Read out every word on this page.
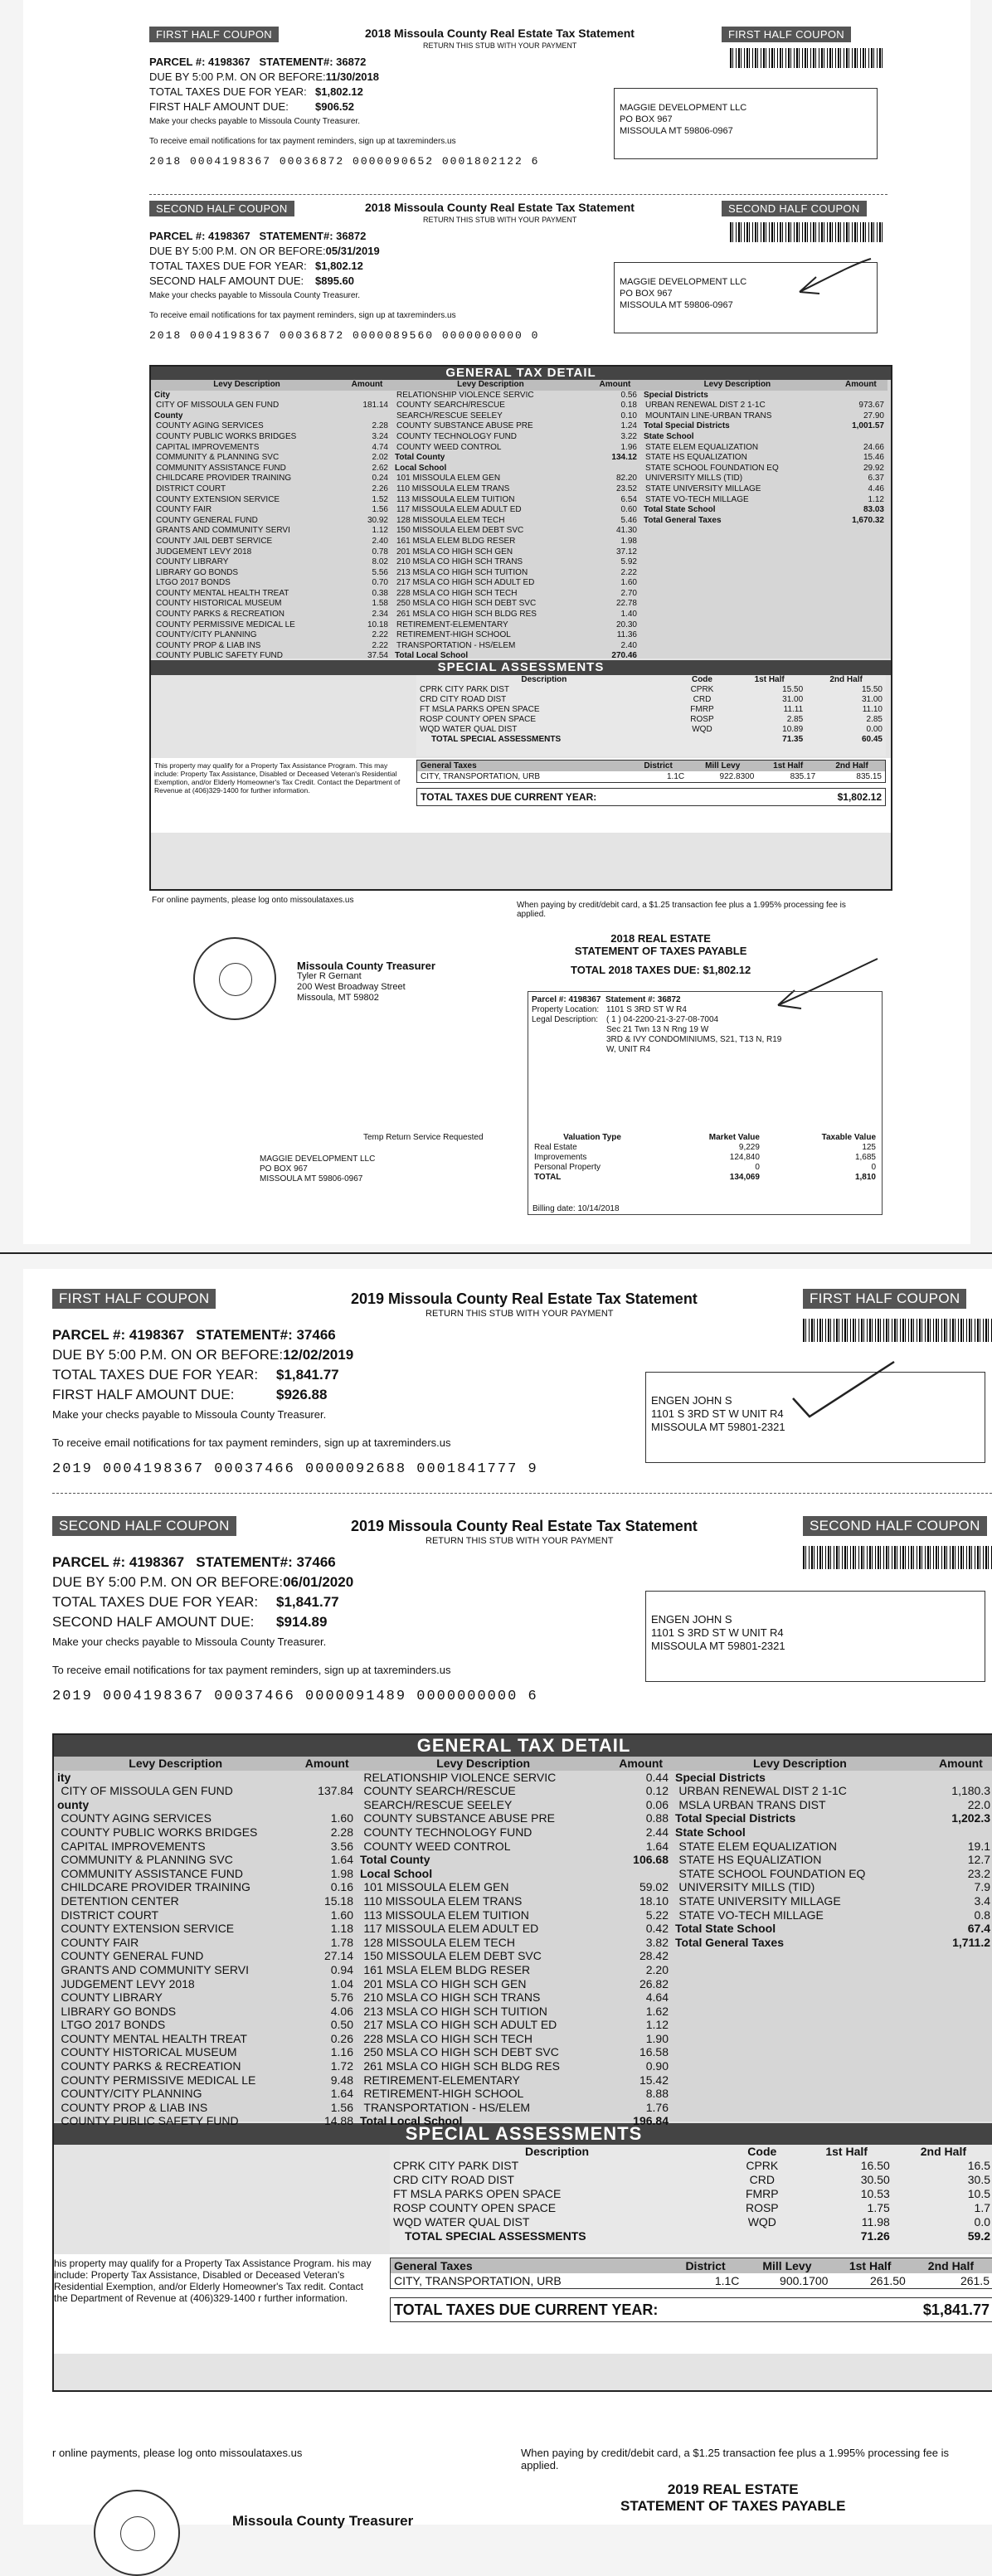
FIRST HALF COUPON	FIRST HALF COUPON
2018 Missoula County Real Estate Tax Statement
RETURN THIS STUB WITH YOUR PAYMENT
PARCEL #: 4198367 STATEMENT#: 36872
DUE BY 5:00 P.M. ON OR BEFORE:11/30/2018
TOTAL TAXES DUE FOR YEAR: $1,802.12
FIRST HALF AMOUNT DUE: $906.52
Make your checks payable to Missoula County Treasurer.
To receive email notifications for tax payment reminders, sign up at taxreminders.us
2018 0004198367 00036872 0000090652 0001802122 6
MAGGIE DEVELOPMENT LLC
PO BOX 967
MISSOULA MT 59806-0967
SECOND HALF COUPON	SECOND HALF COUPON
2018 Missoula County Real Estate Tax Statement
RETURN THIS STUB WITH YOUR PAYMENT
PARCEL #: 4198367 STATEMENT#: 36872
DUE BY 5:00 P.M. ON OR BEFORE:05/31/2019
TOTAL TAXES DUE FOR YEAR: $1,802.12
SECOND HALF AMOUNT DUE: $895.60
Make your checks payable to Missoula County Treasurer.
To receive email notifications for tax payment reminders, sign up at taxreminders.us
2018 0004198367 00036872 0000089560 0000000000 0
MAGGIE DEVELOPMENT LLC
PO BOX 967
MISSOULA MT 59806-0967
GENERAL TAX DETAIL
Levy Description	Amount
City	
CITY OF MISSOULA GEN FUND	181.14
County	
COUNTY AGING SERVICES	2.28
COUNTY PUBLIC WORKS BRIDGES	3.24
CAPITAL IMPROVEMENTS	4.74
COMMUNITY & PLANNING SVC	2.02
COMMUNITY ASSISTANCE FUND	2.62
CHILDCARE PROVIDER TRAINING	0.24
DISTRICT COURT	2.26
COUNTY EXTENSION SERVICE	1.52
COUNTY FAIR	1.56
COUNTY GENERAL FUND	30.92
GRANTS AND COMMUNITY SERVI	1.12
COUNTY JAIL DEBT SERVICE	2.40
JUDGEMENT LEVY 2018	0.78
COUNTY LIBRARY	8.02
LIBRARY GO BONDS	5.56
LTGO 2017 BONDS	0.70
COUNTY MENTAL HEALTH TREAT	0.38
COUNTY HISTORICAL MUSEUM	1.58
COUNTY PARKS & RECREATION	2.34
COUNTY PERMISSIVE MEDICAL LE	10.18
COUNTY/CITY PLANNING	2.22
COUNTY PROP & LIAB INS	2.22
COUNTY PUBLIC SAFETY FUND	37.54
Levy Description	Amount
RELATIONSHIP VIOLENCE SERVIC	0.56
COUNTY SEARCH/RESCUE	0.18
SEARCH/RESCUE SEELEY	0.10
COUNTY SUBSTANCE ABUSE PRE	1.24
COUNTY TECHNOLOGY FUND	3.22
COUNTY WEED CONTROL	1.96
Total County	134.12
Local School	
101 MISSOULA ELEM GEN	82.20
110 MISSOULA ELEM TRANS	23.52
113 MISSOULA ELEM TUITION	6.54
117 MISSOULA ELEM ADULT ED	0.60
128 MISSOULA ELEM TECH	5.46
150 MISSOULA ELEM DEBT SVC	41.30
161 MSLA ELEM BLDG RESER	1.98
201 MSLA CO HIGH SCH GEN	37.12
210 MSLA CO HIGH SCH TRANS	5.92
213 MSLA CO HIGH SCH TUITION	2.22
217 MSLA CO HIGH SCH ADULT ED	1.60
228 MSLA CO HIGH SCH TECH	2.70
250 MSLA CO HIGH SCH DEBT SVC	22.78
261 MSLA CO HIGH SCH BLDG RES	1.40
RETIREMENT-ELEMENTARY	20.30
RETIREMENT-HIGH SCHOOL	11.36
TRANSPORTATION - HS/ELEM	2.40
Total Local School	270.46
Levy Description	Amount
Special Districts	
URBAN RENEWAL DIST 2 1-1C	973.67
MOUNTAIN LINE-URBAN TRANS	27.90
Total Special Districts	1,001.57
State School	
STATE ELEM EQUALIZATION	24.66
STATE HS EQUALIZATION	15.46
STATE SCHOOL FOUNDATION EQ	29.92
UNIVERSITY MILLS (TID)	6.37
STATE UNIVERSITY MILLAGE	4.46
STATE VO-TECH MILLAGE	1.12
Total State School	83.03
Total General Taxes	1,670.32
SPECIAL ASSESSMENTS
Description	Code	1st Half	2nd Half
CPRK CITY PARK DIST	CPRK	15.50	15.50
CRD CITY ROAD DIST	CRD	31.00	31.00
FT MSLA PARKS OPEN SPACE	FMRP	11.11	11.10
ROSP COUNTY OPEN SPACE	ROSP	2.85	2.85
WQD WATER QUAL DIST	WQD	10.89	0.00
TOTAL SPECIAL ASSESSMENTS		71.35	60.45
This property may qualify for a Property Tax Assistance Program. This may include: Property Tax Assistance, Disabled or Deceased Veteran's Residential Exemption, and/or Elderly Homeowner's Tax Credit. Contact the Department of Revenue at (406)329-1400 for further information.
General Taxes	District	Mill Levy	1st Half	2nd Half
CITY, TRANSPORTATION, URB	1.1C	922.8300	835.17	835.15
TOTAL TAXES DUE CURRENT YEAR:	$1,802.12
For online payments, please log onto missoulataxes.us
When paying by credit/debit card, a $1.25 transaction fee plus a 1.995% processing fee is applied.
Missoula County Treasurer
Tyler R Gernant
200 West Broadway Street
Missoula, MT 59802
2018 REAL ESTATE
STATEMENT OF TAXES PAYABLE
TOTAL 2018 TAXES DUE: $1,802.12
Parcel #: 4198367 Statement #: 36872
Property Location: 1101 S 3RD ST W R4
Legal Description: ( 1 ) 04-2200-21-3-27-08-7004
Sec 21 Twn 13 N Rng 19 W
3RD & IVY CONDOMINIUMS, S21, T13 N, R19
W, UNIT R4
Temp Return Service Requested
MAGGIE DEVELOPMENT LLC
PO BOX 967
MISSOULA MT 59806-0967
Valuation Type	Market Value	Taxable Value
Real Estate	9,229	125
Improvements	124,840	1,685
Personal Property	0	0
TOTAL	134,069	1,810
Billing date: 10/14/2018
FIRST HALF COUPON	FIRST HALF COUPON
2019 Missoula County Real Estate Tax Statement
RETURN THIS STUB WITH YOUR PAYMENT
PARCEL #: 4198367 STATEMENT#: 37466
DUE BY 5:00 P.M. ON OR BEFORE:12/02/2019
TOTAL TAXES DUE FOR YEAR: $1,841.77
FIRST HALF AMOUNT DUE:	$926.88
Make your checks payable to Missoula County Treasurer.
To receive email notifications for tax payment reminders, sign up at taxreminders.us
2019 0004198367 00037466 0000092688 0001841777 9
ENGEN JOHN S
1101 S 3RD ST W UNIT R4
MISSOULA MT 59801-2321
SECOND HALF COUPON	SECOND HALF COUPON
2019 Missoula County Real Estate Tax Statement
RETURN THIS STUB WITH YOUR PAYMENT
PARCEL #: 4198367 STATEMENT#: 37466
DUE BY 5:00 P.M. ON OR BEFORE:06/01/2020
TOTAL TAXES DUE FOR YEAR: $1,841.77
SECOND HALF AMOUNT DUE: $914.89
Make your checks payable to Missoula County Treasurer.
To receive email notifications for tax payment reminders, sign up at taxreminders.us
2019 0004198367 00037466 0000091489 0000000000 6
ENGEN JOHN S
1101 S 3RD ST W UNIT R4
MISSOULA MT 59801-2321
GENERAL TAX DETAIL
Levy Description	Amount
ity	
CITY OF MISSOULA GEN FUND	137.84
ounty	
COUNTY AGING SERVICES	1.60
COUNTY PUBLIC WORKS BRIDGES	2.28
CAPITAL IMPROVEMENTS	3.56
COMMUNITY & PLANNING SVC	1.64
COMMUNITY ASSISTANCE FUND	1.98
CHILDCARE PROVIDER TRAINING	0.16
DETENTION CENTER	15.18
DISTRICT COURT	1.60
COUNTY EXTENSION SERVICE	1.18
COUNTY FAIR	1.78
COUNTY GENERAL FUND	27.14
GRANTS AND COMMUNITY SERVI	0.94
JUDGEMENT LEVY 2018	1.04
COUNTY LIBRARY	5.76
LIBRARY GO BONDS	4.06
LTGO 2017 BONDS	0.50
COUNTY MENTAL HEALTH TREAT	0.26
COUNTY HISTORICAL MUSEUM	1.16
COUNTY PARKS & RECREATION	1.72
COUNTY PERMISSIVE MEDICAL LE	9.48
COUNTY/CITY PLANNING	1.64
COUNTY PROP & LIAB INS	1.56
COUNTY PUBLIC SAFETY FUND	14.88
Levy Description	Amount
RELATIONSHIP VIOLENCE SERVIC	0.44
COUNTY SEARCH/RESCUE	0.12
SEARCH/RESCUE SEELEY	0.06
COUNTY SUBSTANCE ABUSE PRE	0.88
COUNTY TECHNOLOGY FUND	2.44
COUNTY WEED CONTROL	1.64
Total County	106.68
Local School	
101 MISSOULA ELEM GEN	59.02
110 MISSOULA ELEM TRANS	18.10
113 MISSOULA ELEM TUITION	5.22
117 MISSOULA ELEM ADULT ED	0.42
128 MISSOULA ELEM TECH	3.82
150 MISSOULA ELEM DEBT SVC	28.42
161 MSLA ELEM BLDG RESER	2.20
201 MSLA CO HIGH SCH GEN	26.82
210 MSLA CO HIGH SCH TRANS	4.64
213 MSLA CO HIGH SCH TUITION	1.62
217 MSLA CO HIGH SCH ADULT ED	1.12
228 MSLA CO HIGH SCH TECH	1.90
250 MSLA CO HIGH SCH DEBT SVC	16.58
261 MSLA CO HIGH SCH BLDG RES	0.90
RETIREMENT-ELEMENTARY	15.42
RETIREMENT-HIGH SCHOOL	8.88
TRANSPORTATION - HS/ELEM	1.76
Total Local School	196.84
Levy Description	Amount
Special Districts	
URBAN RENEWAL DIST 2 1-1C	1,180.3
MSLA URBAN TRANS DIST	22.0
Total Special Districts	1,202.3
State School	
STATE ELEM EQUALIZATION	19.1
STATE HS EQUALIZATION	12.7
STATE SCHOOL FOUNDATION EQ	23.2
UNIVERSITY MILLS (TID)	7.9
STATE UNIVERSITY MILLAGE	3.4
STATE VO-TECH MILLAGE	0.8
Total State School	67.4
Total General Taxes	1,711.2
SPECIAL ASSESSMENTS
Description	Code	1st Half	2nd Half
CPRK CITY PARK DIST	CPRK	16.50	16.5
CRD CITY ROAD DIST	CRD	30.50	30.5
FT MSLA PARKS OPEN SPACE	FMRP	10.53	10.5
ROSP COUNTY OPEN SPACE	ROSP	1.75	1.7
WQD WATER QUAL DIST	WQD	11.98	0.0
TOTAL SPECIAL ASSESSMENTS		71.26	59.2
his property may qualify for a Property Tax Assistance Program. his may include: Property Tax Assistance, Disabled or Deceased Veteran's Residential Exemption, and/or Elderly Homeowner's Tax redit. Contact the Department of Revenue at (406)329-1400 r further information.
General Taxes	District	Mill Levy	1st Half	2nd Half
CITY, TRANSPORTATION, URB	1.1C	900.1700	261.50	261.5
TOTAL TAXES DUE CURRENT YEAR:	$1,841.77
r online payments, please log onto missoulataxes.us	When paying by credit/debit card, a $1.25 transaction fee plus a 1.995% processing fee is applied.
2019 REAL ESTATE
STATEMENT OF TAXES PAYABLE
Missoula County Treasurer
